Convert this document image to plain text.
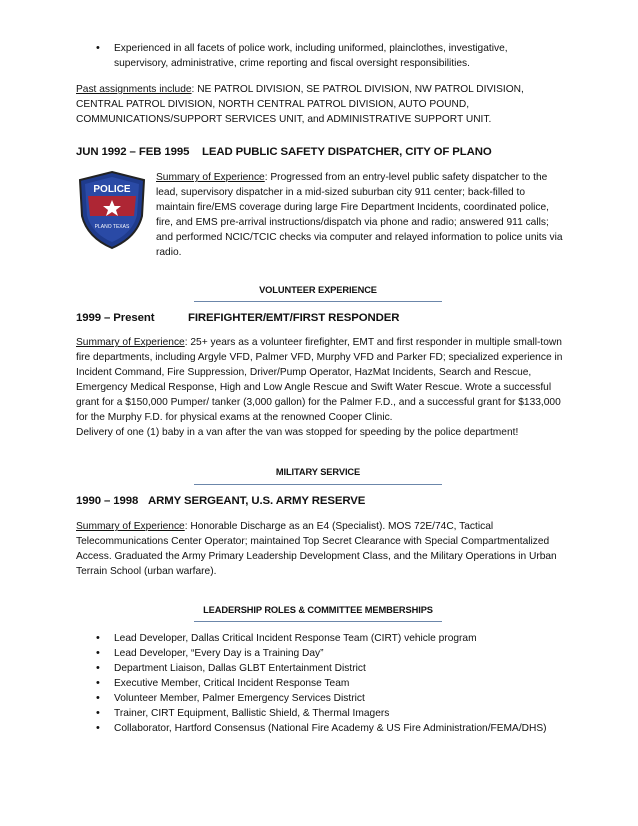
• Experienced in all facets of police work, including uniformed, plainclothes, investigative, supervisory, administrative, crime reporting and fiscal oversight responsibilities.

Past assignments include: NE PATROL DIVISION, SE PATROL DIVISION, NW PATROL DIVISION, CENTRAL PATROL DIVISION, NORTH CENTRAL PATROL DIVISION, AUTO POUND, COMMUNICATIONS/SUPPORT SERVICES UNIT, and ADMINISTRATIVE SUPPORT UNIT.

JUN 1992 – FEB 1995 LEAD PUBLIC SAFETY DISPATCHER, CITY OF PLANO
POLICE
PLANO TEXAS

Summary of Experience: Progressed from an entry-level public safety dispatcher to the lead, supervisory dispatcher in a mid-sized suburban city 911 center; back-filled to maintain fire/EMS coverage during large Fire Department Incidents, coordinated police, fire, and EMS pre-arrival instructions/dispatch via phone and radio; answered 911 calls; and performed NCIC/TCIC checks via computer and relayed information to police units via radio.

VOLUNTEER EXPERIENCE
1999 – Present	FIREFIGHTER/EMT/FIRST RESPONDER

Summary of Experience: 25+ years as a volunteer firefighter, EMT and first responder in multiple small-town fire departments, including Argyle VFD, Palmer VFD, Murphy VFD and Parker FD; specialized experience in Incident Command, Fire Suppression, Driver/Pump Operator, HazMat Incidents, Search and Rescue, Emergency Medical Response, High and Low Angle Rescue and Swift Water Rescue. Wrote a successful grant for a $150,000 Pumper/ tanker (3,000 gallon) for the Palmer F.D., and a successful grant for $133,000 for the Murphy F.D. for physical exams at the renowned Cooper Clinic.
Delivery of one (1) baby in a van after the van was stopped for speeding by the police department!

MILITARY SERVICE
1990 – 1998 ARMY SERGEANT, U.S. ARMY RESERVE

Summary of Experience: Honorable Discharge as an E4 (Specialist). MOS 72E/74C, Tactical Telecommunications Center Operator; maintained Top Secret Clearance with Special Compartmentalized Access. Graduated the Army Primary Leadership Development Class, and the Military Operations in Urban Terrain School (urban warfare).

LEADERSHIP ROLES & COMMITTEE MEMBERSHIPS
• Lead Developer, Dallas Critical Incident Response Team (CIRT) vehicle program
• Lead Developer, “Every Day is a Training Day”
• Department Liaison, Dallas GLBT Entertainment District
• Executive Member, Critical Incident Response Team
• Volunteer Member, Palmer Emergency Services District
• Trainer, CIRT Equipment, Ballistic Shield, & Thermal Imagers
• Collaborator, Hartford Consensus (National Fire Academy & US Fire Administration/FEMA/DHS)
